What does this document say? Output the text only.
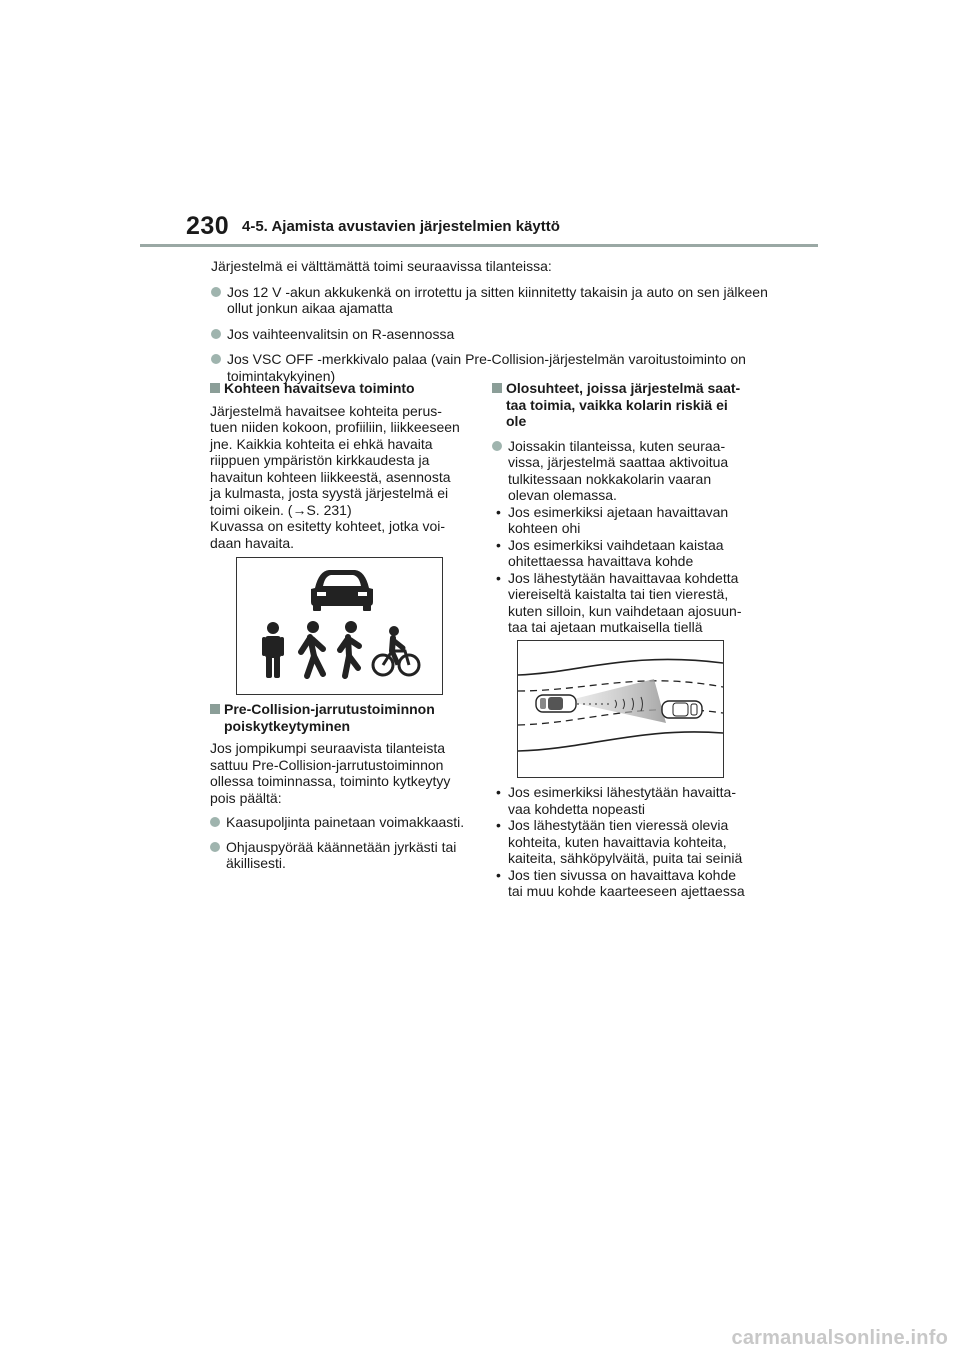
230 4-5. Ajamista avustavien järjestelmien käyttö

Järjestelmä ei välttämättä toimi seuraavissa tilanteissa:

Jos 12 V -akun akkukenkä on irrotettu ja sitten kiinnitetty takaisin ja auto on sen jälkeen ollut jonkun aikaa ajamatta
Jos vaihteenvalitsin on R-asennossa
Jos VSC OFF -merkkivalo palaa (vain Pre-Collision-järjestelmän varoitustoiminto on toimintakykyinen)
Kohteen havaitseva toiminto
Järjestelmä havaitsee kohteita perus-
tuen niiden kokoon, profiiliin, liikkeeseen
jne. Kaikkia kohteita ei ehkä havaita
riippuen ympäristön kirkkaudesta ja
havaitun kohteen liikkeestä, asennosta
ja kulmasta, josta syystä järjestelmä ei
toimi oikein. (→S. 231)
Kuvassa on esitetty kohteet, jotka voi-
daan havaita.
Pre-Collision-jarrutustoiminnon
poiskytkeytyminen
Jos jompikumpi seuraavista tilanteista
sattuu Pre-Collision-jarrutustoiminnon
ollessa toiminnassa, toiminto kytkeytyy
pois päältä:
Kaasupoljinta painetaan voimakkaasti.
Ohjauspyörää käännetään jyrkästi tai äkillisesti.
Olosuhteet, joissa järjestelmä saat-
taa toimia, vaikka kolarin riskiä ei
ole
Joissakin tilanteissa, kuten seuraa-
vissa, järjestelmä saattaa aktivoitua
tulkitessaan nokkakolarin vaaran
olevan olemassa.
• Jos esimerkiksi ajetaan havaittavan
kohteen ohi
• Jos esimerkiksi vaihdetaan kaistaa
ohitettaessa havaittava kohde
• Jos lähestytään havaittavaa kohdetta
viereiseltä kaistalta tai tien vierestä,
kuten silloin, kun vaihdetaan ajosuun-
taa tai ajetaan mutkaisella tiellä
• Jos esimerkiksi lähestytään havaitta-
vaa kohdetta nopeasti
• Jos lähestytään tien vieressä olevia
kohteita, kuten havaittavia kohteita,
kaiteita, sähköpylväitä, puita tai seiniä
• Jos tien sivussa on havaittava kohde
tai muu kohde kaarteeseen ajettaessa
carmanualsonline.info
